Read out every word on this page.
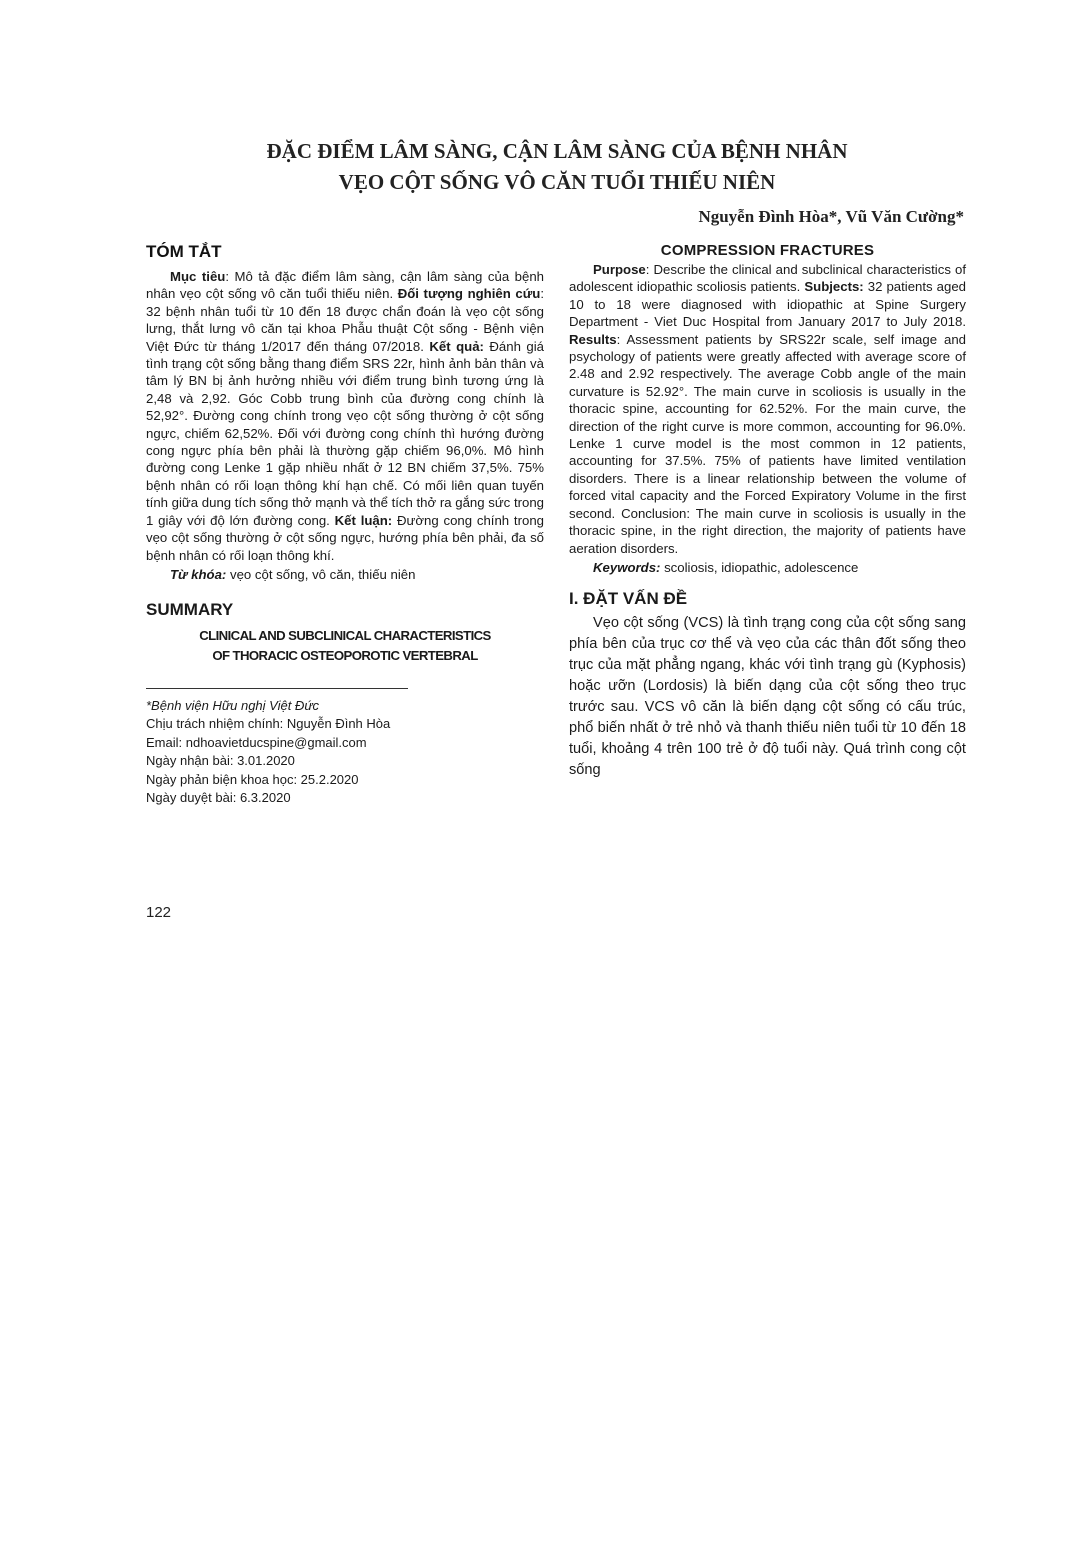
ĐẶC ĐIỂM LÂM SÀNG, CẬN LÂM SÀNG CỦA BỆNH NHÂN
VẸO CỘT SỐNG VÔ CĂN TUỔI THIẾU NIÊN
Nguyễn Đình Hòa*, Vũ Văn Cường*
TÓM TẮT

Mục tiêu: Mô tả đặc điểm lâm sàng, cận lâm sàng của bệnh nhân vẹo cột sống vô căn tuổi thiếu niên. Đối tượng nghiên cứu: 32 bệnh nhân tuổi từ 10 đến 18 được chẩn đoán là vẹo cột sống lưng, thắt lưng vô căn tại khoa Phẫu thuật Cột sống - Bệnh viện Việt Đức từ tháng 1/2017 đến tháng 07/2018. Kết quả: Đánh giá tình trạng cột sống bằng thang điểm SRS 22r, hình ảnh bản thân và tâm lý BN bị ảnh hưởng nhiều với điểm trung bình tương ứng là 2,48 và 2,92. Góc Cobb trung bình của đường cong chính là 52,92°. Đường cong chính trong vẹo cột sống thường ở cột sống ngực, chiếm 62,52%. Đối với đường cong chính thì hướng đường cong ngực phía bên phải là thường gặp chiếm 96,0%. Mô hình đường cong Lenke 1 gặp nhiều nhất ở 12 BN chiếm 37,5%. 75% bệnh nhân có rối loạn thông khí hạn chế. Có mối liên quan tuyến tính giữa dung tích sống thở mạnh và thể tích thở ra gắng sức trong 1 giây với độ lớn đường cong. Kết luận: Đường cong chính trong vẹo cột sống thường ở cột sống ngực, hướng phía bên phải, đa số bệnh nhân có rối loạn thông khí.

Từ khóa: vẹo cột sống, vô căn, thiếu niên

SUMMARY

CLINICAL AND SUBCLINICAL CHARACTERISTICS
OF THORACIC OSTEOPOROTIC VERTEBRAL

*Bệnh viện Hữu nghị Việt Đức

Chịu trách nhiệm chính: Nguyễn Đình Hòa

Email: ndhoavietducspine@gmail.com

Ngày nhận bài: 3.01.2020

Ngày phản biện khoa học: 25.2.2020

Ngày duyệt bài: 6.3.2020

COMPRESSION FRACTURES

Purpose: Describe the clinical and subclinical characteristics of adolescent idiopathic scoliosis patients. Subjects: 32 patients aged 10 to 18 were diagnosed with idiopathic at Spine Surgery Department - Viet Duc Hospital from January 2017 to July 2018. Results: Assessment patients by SRS22r scale, self image and psychology of patients were greatly affected with average score of 2.48 and 2.92 respectively. The average Cobb angle of the main curvature is 52.92°. The main curve in scoliosis is usually in the thoracic spine, accounting for 62.52%. For the main curve, the direction of the right curve is more common, accounting for 96.0%. Lenke 1 curve model is the most common in 12 patients, accounting for 37.5%. 75% of patients have limited ventilation disorders. There is a linear relationship between the volume of forced vital capacity and the Forced Expiratory Volume in the first second. Conclusion: The main curve in scoliosis is usually in the thoracic spine, in the right direction, the majority of patients have aeration disorders.

Keywords: scoliosis, idiopathic, adolescence

I. ĐẶT VẤN ĐỀ

Vẹo cột sống (VCS) là tình trạng cong của cột sống sang phía bên của trục cơ thể và vẹo của các thân đốt sống theo trục của mặt phẳng ngang, khác với tình trạng gù (Kyphosis) hoặc ưỡn (Lordosis) là biến dạng của cột sống theo trục trước sau. VCS vô căn là biến dạng cột sống có cấu trúc, phổ biến nhất ở trẻ nhỏ và thanh thiếu niên tuổi từ 10 đến 18 tuổi, khoảng 4 trên 100 trẻ ở độ tuổi này. Quá trình cong cột sống

122
